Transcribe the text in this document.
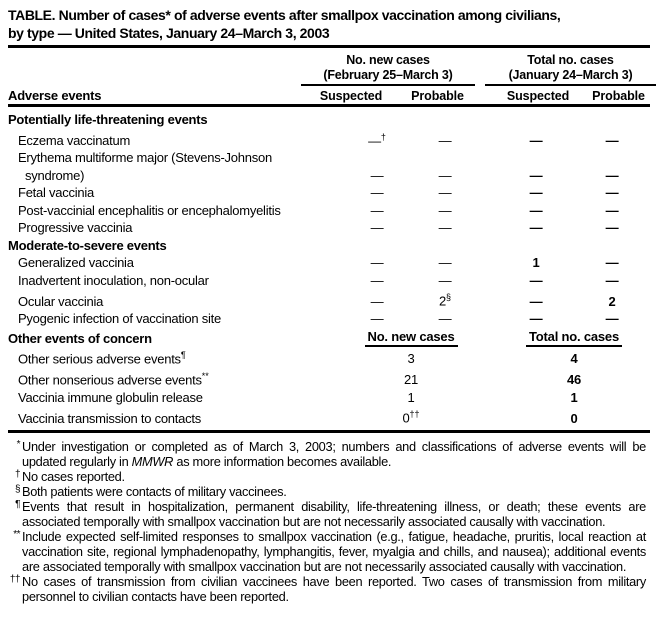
TABLE. Number of cases* of adverse events after smallpox vaccination among civilians,
by type — United States, January 24–March 3, 2003
Adverse events
No. new cases
(February 25–March 3)
Suspected	Probable
Total no. cases
(January 24–March 3)
Suspected	Probable
Potentially life-threatening events
Eczema vaccinatum	—†	—	—	—
Erythema multiforme major (Stevens-Johnson
syndrome)	—	—	—	—
Fetal vaccinia	—	—	—	—
Post-vaccinial encephalitis or encephalomyelitis	—	—	—	—
Progressive vaccinia	—	—	—	—
Moderate-to-severe events
Generalized vaccinia	—	—	1	—
Inadvertent inoculation, non-ocular	—	—	—	—
Ocular vaccinia	—	2§	—	2
Pyogenic infection of vaccination site	—	—	—	—
Other events of concern	No. new cases	Total no. cases
Other serious adverse events¶	3	4
Other nonserious adverse events**	21	46
Vaccinia immune globulin release	1	1
Vaccinia transmission to contacts	0††	0
* Under investigation or completed as of March 3, 2003; numbers and classifications of adverse events will be updated regularly in MMWR as more information becomes available.
† No cases reported.
§ Both patients were contacts of military vaccinees.
¶ Events that result in hospitalization, permanent disability, life-threatening illness, or death; these events are associated temporally with smallpox vaccination but are not necessarily associated causally with vaccination.
** Include expected self-limited responses to smallpox vaccination (e.g., fatigue, headache, pruritis, local reaction at vaccination site, regional lymphadenopathy, lymphangitis, fever, myalgia and chills, and nausea); additional events are associated temporally with smallpox vaccination but are not necessarily associated causally with vaccination.
†† No cases of transmission from civilian vaccinees have been reported. Two cases of transmission from military personnel to civilian contacts have been reported.
